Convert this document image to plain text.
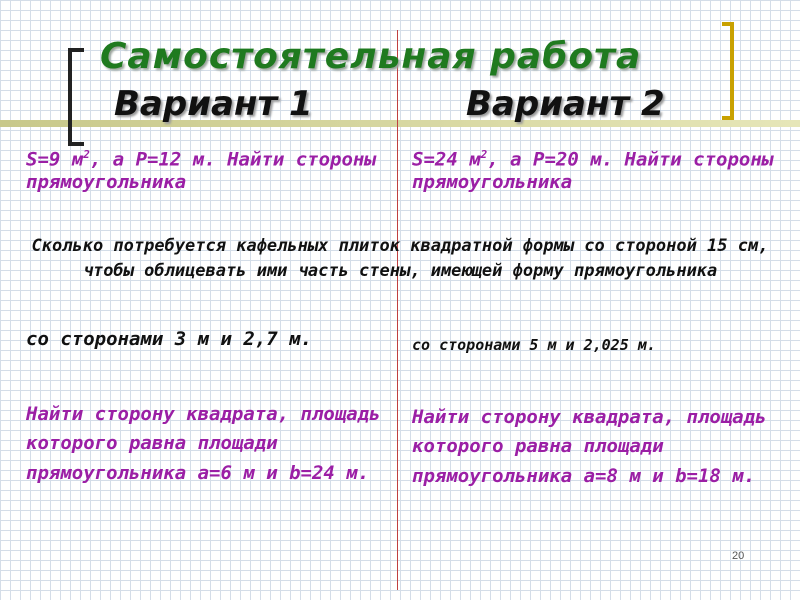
Самостоятельная работа
Вариант 1	Вариант 2
S=9 $м^2$, а Р=12 м. Найти стороны прямоугольника
S=24 $м^2$, а Р=20 м. Найти стороны прямоугольника
Сколько потребуется кафельных плиток квадратной формы со стороной 15 см, чтобы облицевать ими часть стены, имеющей форму прямоугольника
со сторонами 3 м и 2,7 м.	со сторонами 5 м и 2,025 м.
Найти сторону квадрата, площадь которого равна площади прямоугольника а=6 м и b=24 м.
Найти сторону квадрата, площадь которого равна площади прямоугольника а=8 м и b=18 м.
20
